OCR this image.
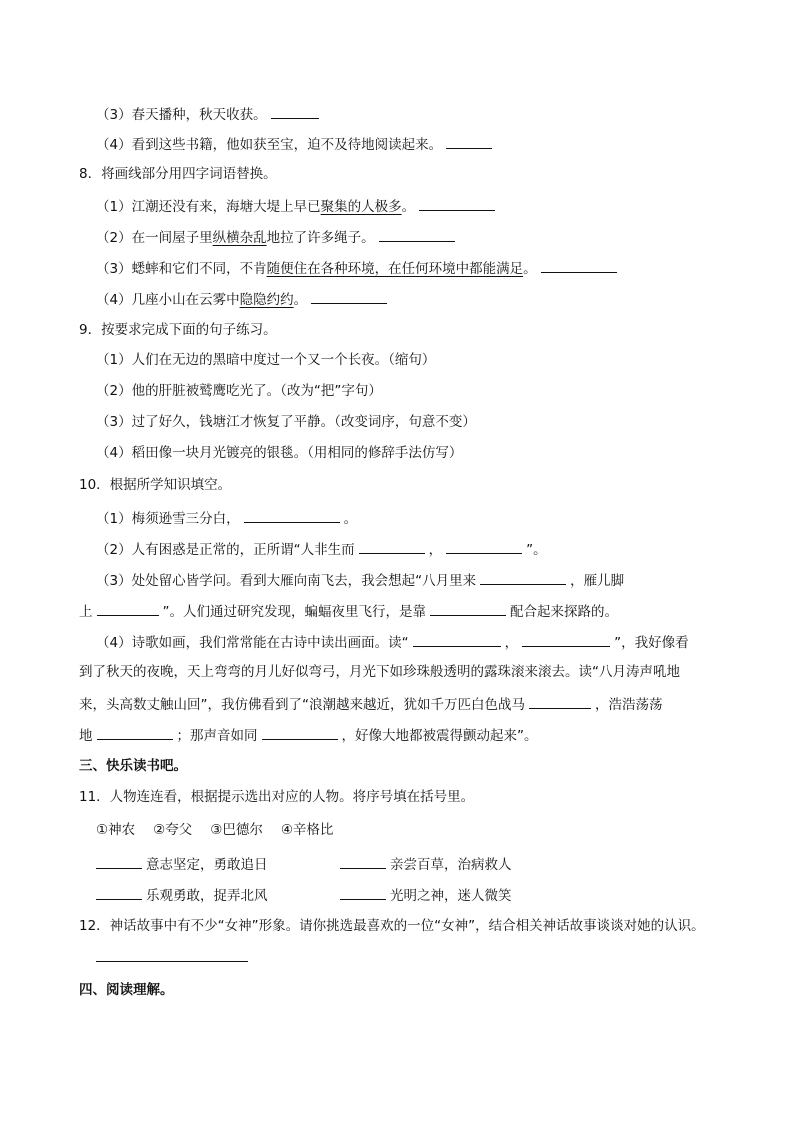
（3）春天播种，秋天收获。
（4）看到这些书籍，他如获至宝，迫不及待地阅读起来。
8．将画线部分用四字词语替换。
（1）江潮还没有来，海塘大堤上早已聚集的人极多。
（2）在一间屋子里纵横杂乱地拉了许多绳子。
（3）蟋蟀和它们不同，不肯随便住在各种环境，在任何环境中都能满足。
（4）几座小山在云雾中隐隐约约。
9．按要求完成下面的句子练习。
（1）人们在无边的黑暗中度过一个又一个长夜。（缩句）
（2）他的肝脏被鹫鹰吃光了。（改为“把”字句）
（3）过了好久，钱塘江才恢复了平静。（改变词序，句意不变）
（4）稻田像一块月光镀亮的银毯。（用相同的修辞手法仿写）
10．根据所学知识填空。
（1）梅须逊雪三分白，	。
（2）人有困惑是正常的，正所谓“人非生而	，	”。
（3）处处留心皆学问。看到大雁向南飞去，我会想起“八月里来	，雁儿脚
上	”。人们通过研究发现，蝙蝠夜里飞行，是靠	配合起来探路的。
（4）诗歌如画，我们常常能在古诗中读出画面。读“	，	”，我好像看
到了秋天的夜晚，天上弯弯的月儿好似弯弓，月光下如珍珠般透明的露珠滚来滚去。读“八月涛声吼地
来，头高数丈触山回”，我仿佛看到了“浪潮越来越近，犹如千万匹白色战马	，浩浩荡荡
地	；那声音如同	，好像大地都被震得颤动起来”。
三、快乐读书吧。
11．人物连连看，根据提示选出对应的人物。将序号填在括号里。
①神农 ②夸父 ③巴德尔 ④辛格比
意志坚定，勇敢追日	亲尝百草，治病救人
乐观勇敢，捉弄北风	光明之神，迷人微笑
12．神话故事中有不少“女神”形象。请你挑选最喜欢的一位“女神”，结合相关神话故事谈谈对她的认识。
四、阅读理解。
